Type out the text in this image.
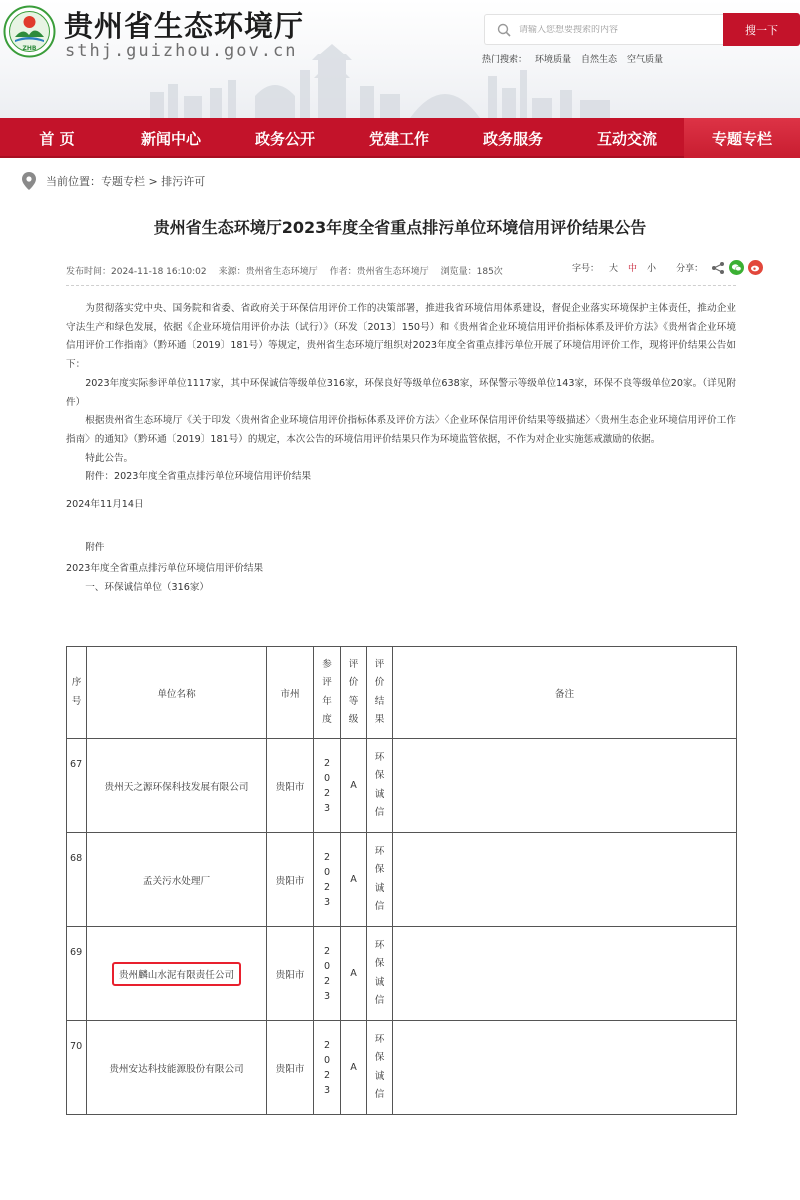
ZHB
贵州省生态环境厅
sthj.guizhou.gov.cn
请输入您想要搜索的内容
搜一下
热门搜索： 环境质量 自然生态 空气质量
首 页	新闻中心	政务公开	党建工作	政务服务	互动交流	专题专栏
当前位置： 专题专栏 > 排污许可
贵州省生态环境厅2023年度全省重点排污单位环境信用评价结果公告
发布时间：2024-11-18 16:10:02 来源：贵州省生态环境厅 作者：贵州省生态环境厅 浏览量：185次	字号： 大 中 小 分享：

为贯彻落实党中央、国务院和省委、省政府关于环保信用评价工作的决策部署，推进我省环境信用体系建设，督促企业落实环境保护主体责任，推动企业守法生产和绿色发展，依据《企业环境信用评价办法（试行）》（环发〔2013〕150号）和《贵州省企业环境信用评价指标体系及评价方法》《贵州省企业环境信用评价工作指南》（黔环通〔2019〕181号）等规定，贵州省生态环境厅组织对2023年度全省重点排污单位开展了环境信用评价工作，现将评价结果公告如下：

2023年度实际参评单位1117家，其中环保诚信等级单位316家，环保良好等级单位638家，环保警示等级单位143家，环保不良等级单位20家。（详见附件）

根据贵州省生态环境厅《关于印发〈贵州省企业环境信用评价指标体系及评价方法〉〈企业环保信用评价结果等级描述〉〈贵州生态企业环境信用评价工作指南〉的通知》（黔环通〔2019〕181号）的规定，本次公告的环境信用评价结果只作为环境监管依据，不作为对企业实施惩戒激励的依据。

特此公告。

附件：2023年度全省重点排污单位环境信用评价结果

2024年11月14日

附件

2023年度全省重点排污单位环境信用评价结果

一、环保诚信单位（316家）

序号	单位名称	市州	参评年度	评价等级	评价结果	备注
67	贵州天之源环保科技发展有限公司	贵阳市	2023	A	环保诚信	
68	孟关污水处理厂	贵阳市	2023	A	环保诚信	
69	贵州麟山水泥有限责任公司	贵阳市	2023	A	环保诚信	
70	贵州安达科技能源股份有限公司	贵阳市	2023	A	环保诚信	
